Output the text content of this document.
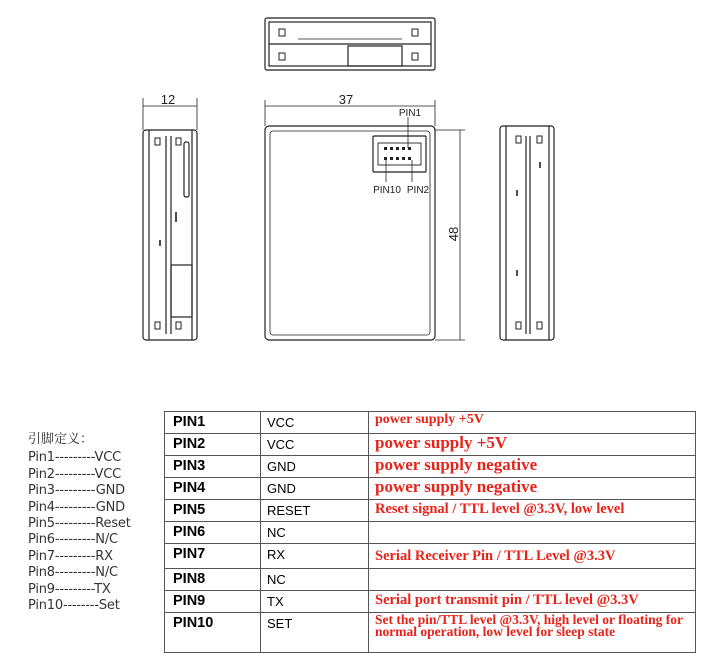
12	37
48
PIN1
PIN10 PIN2
引脚定义：
Pin1---------VCC
Pin2---------VCC
Pin3---------GND
Pin4---------GND
Pin5---------Reset
Pin6---------N/C
Pin7---------RX
Pin8---------N/C
Pin9---------TX
Pin10--------Set
PIN1	VCC	power supply +5V
PIN2	VCC	power supply +5V
PIN3	GND	power supply negative
PIN4	GND	power supply negative
PIN5	RESET	Reset signal / TTL level @3.3V, low level
PIN6	NC	
PIN7	RX	Serial Receiver Pin / TTL Level @3.3V
PIN8	NC	
PIN9	TX	Serial port transmit pin / TTL level @3.3V
PIN10	SET	Set the pin/TTL level @3.3V, high level or floating for normal operation, low level for sleep state
